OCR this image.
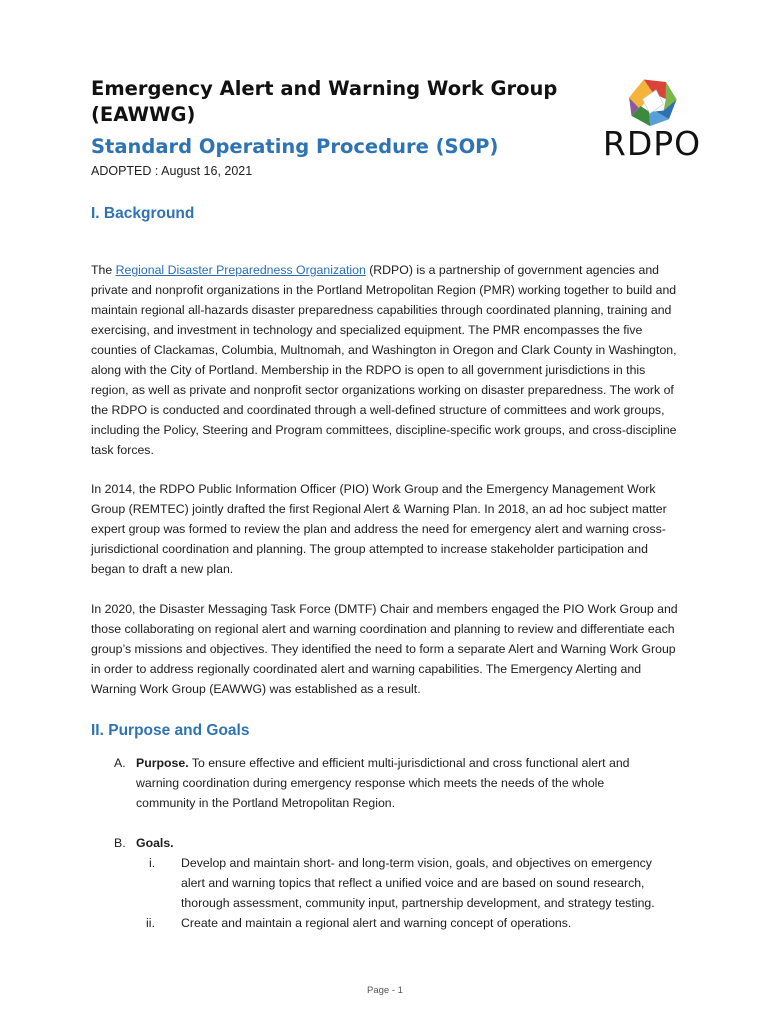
Emergency Alert and Warning Work Group (EAWWG)
Standard Operating Procedure (SOP)
ADOPTED : August 16, 2021
RDPO
I. Background
The Regional Disaster Preparedness Organization (RDPO) is a partnership of government agencies and private and nonprofit organizations in the Portland Metropolitan Region (PMR) working together to build and maintain regional all-hazards disaster preparedness capabilities through coordinated planning, training and exercising, and investment in technology and specialized equipment. The PMR encompasses the five counties of Clackamas, Columbia, Multnomah, and Washington in Oregon and Clark County in Washington, along with the City of Portland. Membership in the RDPO is open to all government jurisdictions in this region, as well as private and nonprofit sector organizations working on disaster preparedness. The work of the RDPO is conducted and coordinated through a well-defined structure of committees and work groups, including the Policy, Steering and Program committees, discipline-specific work groups, and cross-discipline task forces.
In 2014, the RDPO Public Information Officer (PIO) Work Group and the Emergency Management Work Group (REMTEC) jointly drafted the first Regional Alert & Warning Plan. In 2018, an ad hoc subject matter expert group was formed to review the plan and address the need for emergency alert and warning cross-jurisdictional coordination and planning. The group attempted to increase stakeholder participation and began to draft a new plan.
In 2020, the Disaster Messaging Task Force (DMTF) Chair and members engaged the PIO Work Group and those collaborating on regional alert and warning coordination and planning to review and differentiate each group’s missions and objectives. They identified the need to form a separate Alert and Warning Work Group in order to address regionally coordinated alert and warning capabilities. The Emergency Alerting and Warning Work Group (EAWWG) was established as a result.
II. Purpose and Goals
A. Purpose. To ensure effective and efficient multi-jurisdictional and cross functional alert and warning coordination during emergency response which meets the needs of the whole community in the Portland Metropolitan Region.
B. Goals.
i. Develop and maintain short- and long-term vision, goals, and objectives on emergency alert and warning topics that reflect a unified voice and are based on sound research, thorough assessment, community input, partnership development, and strategy testing.
ii. Create and maintain a regional alert and warning concept of operations.
Page - 1
